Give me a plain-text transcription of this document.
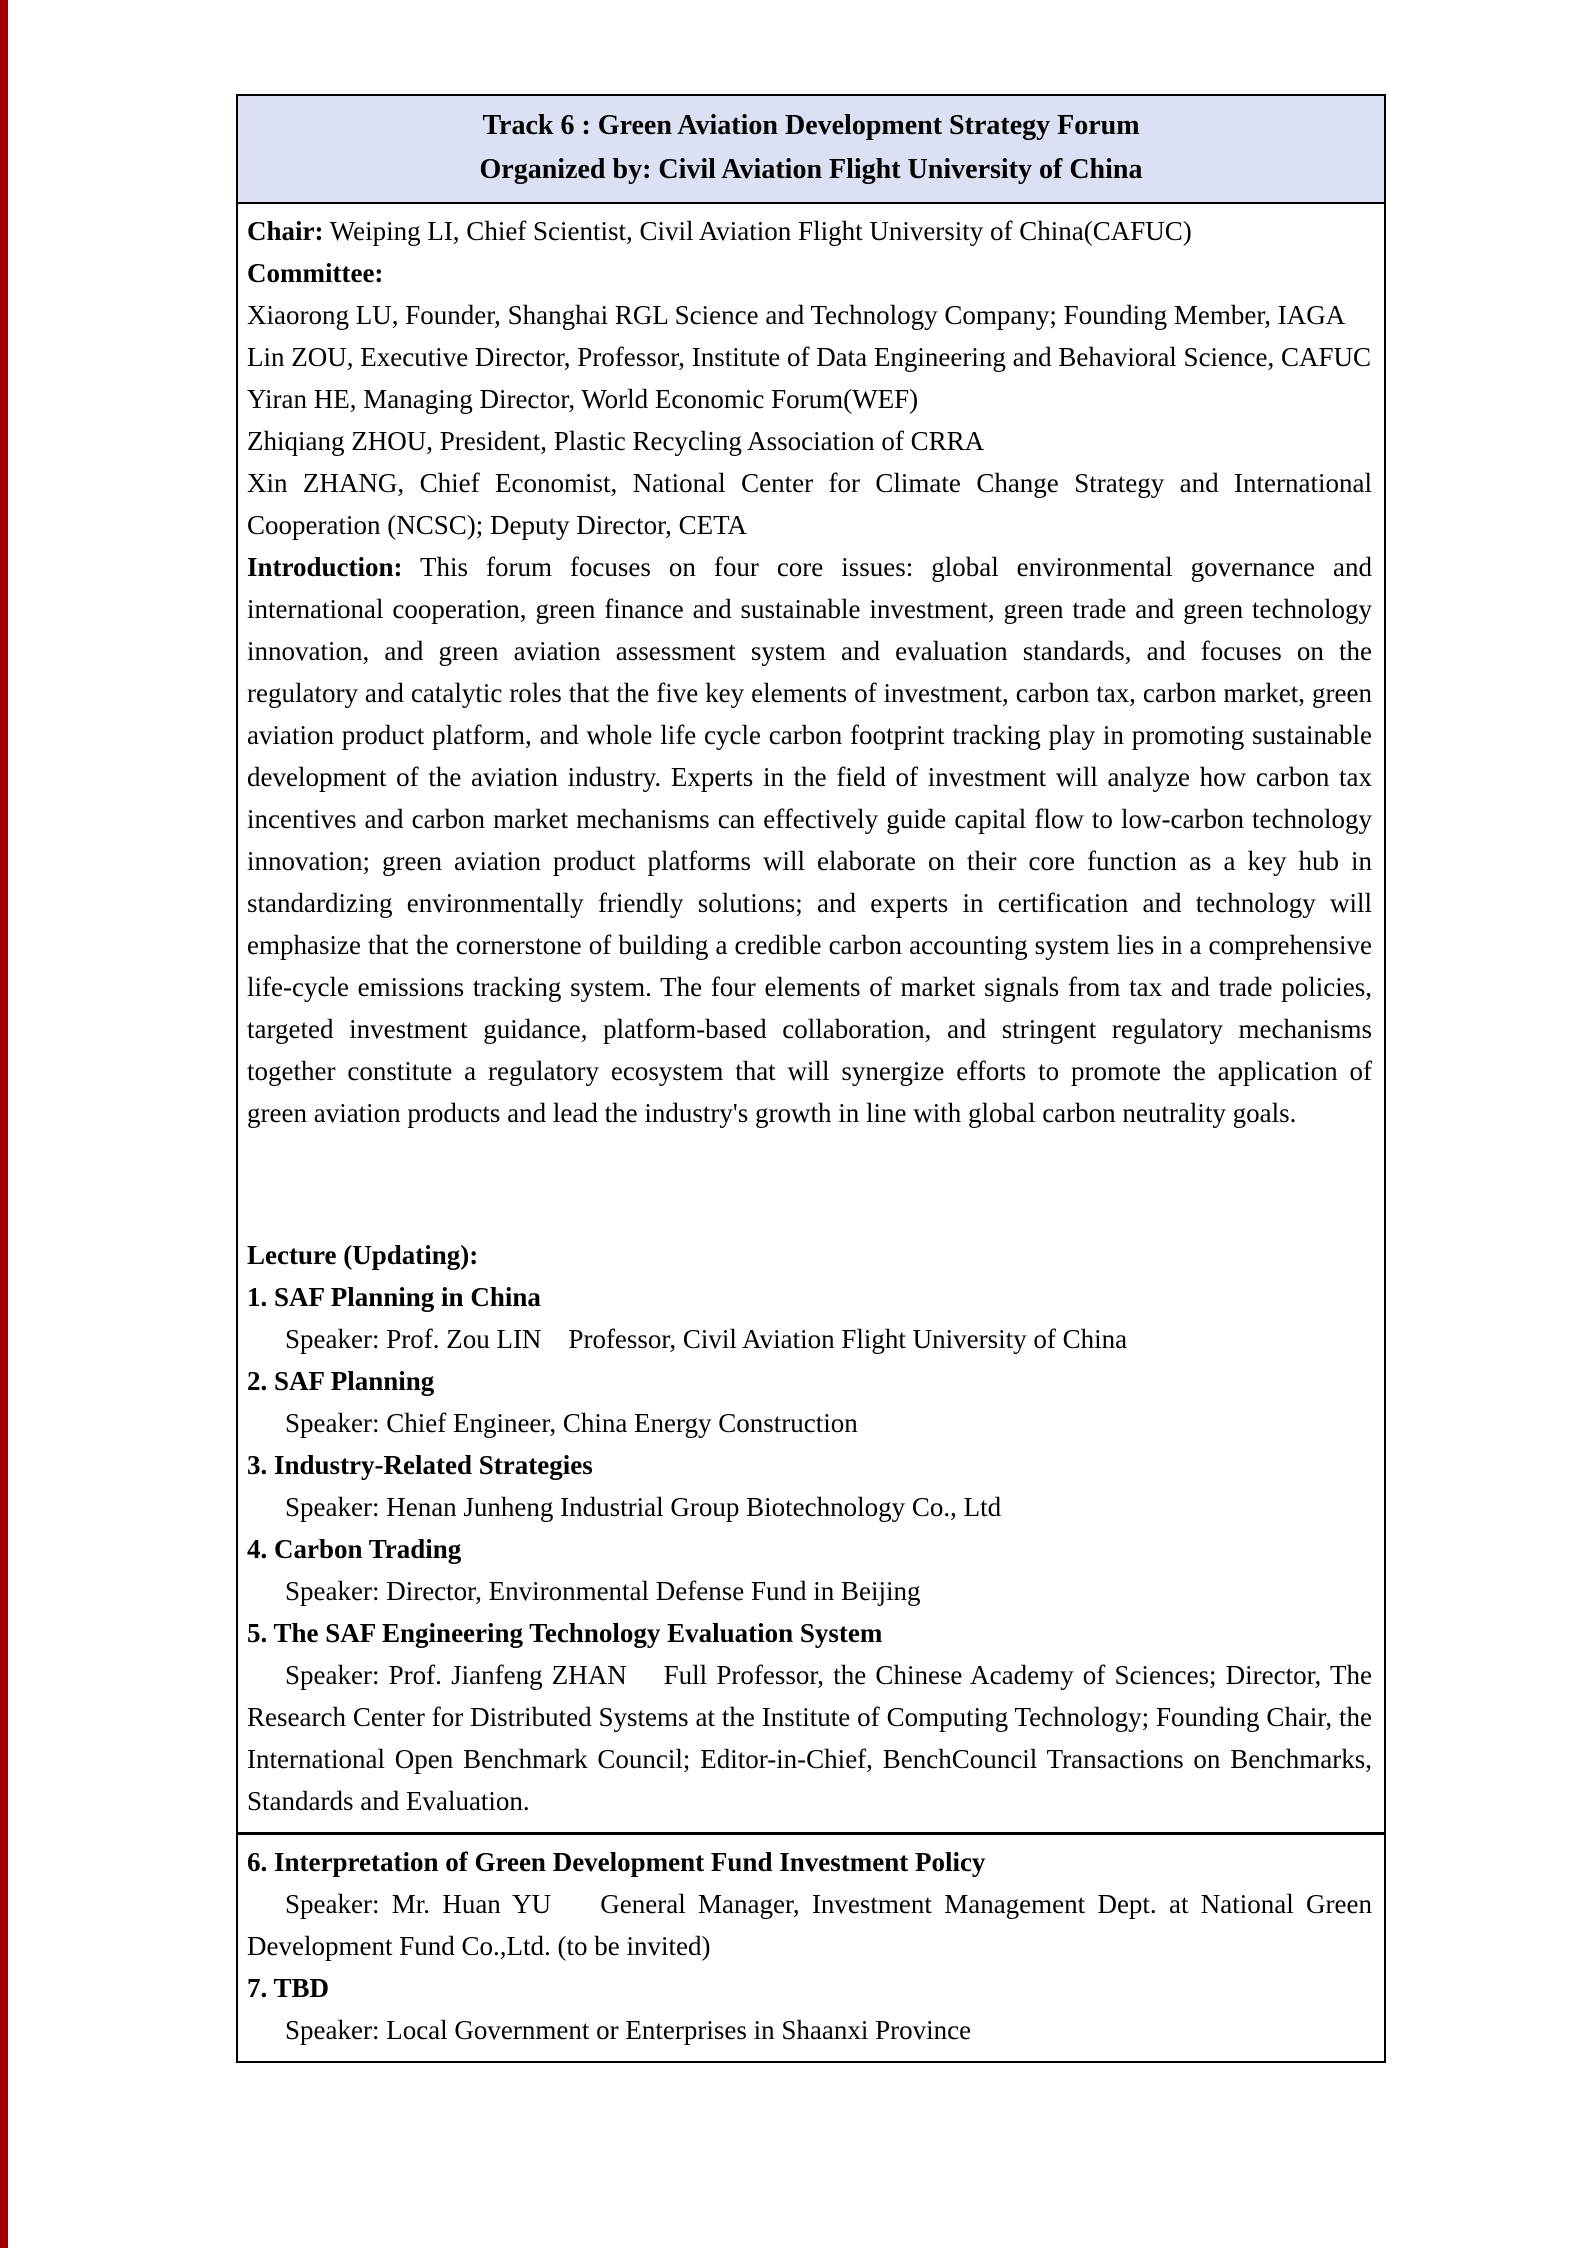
Track 6 : Green Aviation Development Strategy Forum
Organized by: Civil Aviation Flight University of China

Chair: Weiping LI, Chief Scientist, Civil Aviation Flight University of China(CAFUC)

Committee:

Xiaorong LU, Founder, Shanghai RGL Science and Technology Company; Founding Member, IAGA

Lin ZOU, Executive Director, Professor, Institute of Data Engineering and Behavioral Science, CAFUC

Yiran HE, Managing Director, World Economic Forum(WEF)

Zhiqiang ZHOU, President, Plastic Recycling Association of CRRA

Xin ZHANG, Chief Economist, National Center for Climate Change Strategy and International Cooperation (NCSC); Deputy Director, CETA

Introduction: This forum focuses on four core issues: global environmental governance and international cooperation, green finance and sustainable investment, green trade and green technology innovation, and green aviation assessment system and evaluation standards, and focuses on the regulatory and catalytic roles that the five key elements of investment, carbon tax, carbon market, green aviation product platform, and whole life cycle carbon footprint tracking play in promoting sustainable development of the aviation industry. Experts in the field of investment will analyze how carbon tax incentives and carbon market mechanisms can effectively guide capital flow to low-carbon technology innovation; green aviation product platforms will elaborate on their core function as a key hub in standardizing environmentally friendly solutions; and experts in certification and technology will emphasize that the cornerstone of building a credible carbon accounting system lies in a comprehensive life-cycle emissions tracking system. The four elements of market signals from tax and trade policies, targeted investment guidance, platform-based collaboration, and stringent regulatory mechanisms together constitute a regulatory ecosystem that will synergize efforts to promote the application of green aviation products and lead the industry's growth in line with global carbon neutrality goals.

Lecture (Updating):

1. SAF Planning in China

Speaker: Prof. Zou LIN    Professor, Civil Aviation Flight University of China

2. SAF Planning

Speaker: Chief Engineer, China Energy Construction

3. Industry-Related Strategies

Speaker: Henan Junheng Industrial Group Biotechnology Co., Ltd

4. Carbon Trading

Speaker: Director, Environmental Defense Fund in Beijing

5. The SAF Engineering Technology Evaluation System

Speaker: Prof. Jianfeng ZHAN    Full Professor, the Chinese Academy of Sciences; Director, The Research Center for Distributed Systems at the Institute of Computing Technology; Founding Chair, the International Open Benchmark Council; Editor-in-Chief, BenchCouncil Transactions on Benchmarks, Standards and Evaluation.

6. Interpretation of Green Development Fund Investment Policy

Speaker: Mr. Huan YU    General Manager, Investment Management Dept. at National Green Development Fund Co.,Ltd. (to be invited)

7. TBD

Speaker: Local Government or Enterprises in Shaanxi Province
